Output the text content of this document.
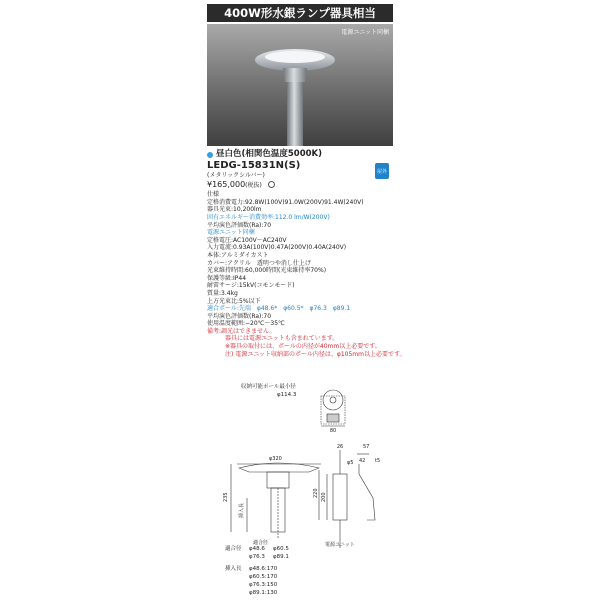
400W形水銀ランプ器具相当
電源ユニット同梱
昼白色(相関色温度5000K)
LEDG-15831N(S)
(メタリックシルバー)
¥165,000(税抜)
屋外
仕様
定格消費電力:92.8W(100V)91.0W(200V)91.4W(240V)
器具光束:10,200lm
固有エネルギー消費効率:112.0 lm/W(200V)
平均演色評価数(Ra):70
電源ユニット同梱
定格電圧:AC100V〜AC240V
入力電流:0.93A(100V)0.47A(200V)0.40A(240V)
本体:アルミダイカスト
カバー:アクリル　透明つや消し仕上げ
光束維持時間:60,000時間(光束維持率70%)
保護等級:IP44
耐雷サージ:15kV(コモンモード)
質量:3.4kg
上方光束比:5%以下
適合ポール:先端　φ48.6*　φ60.5*　φ76.3　φ89.1
平均演色評価数(Ra):70
使用温度範囲:−20℃〜35℃
備考:調光はできません。
器具には電源ユニットも含まれています。
※器具の取付には、ポールの内径が40mm以上必要です。
注) 電源ユニット収納部のポール内径は、φ105mm以上必要です。
収納可能ポール最小径
φ114.3
80
26	57
42 t5
φ5
φ320
235	220 200
挿入長
適合径	電源ユニット
適合径 φ48.6 φ60.5
φ76.3 φ89.1
挿入長 φ48.6:170
φ60.5:170
φ76.3:150
φ89.1:130
